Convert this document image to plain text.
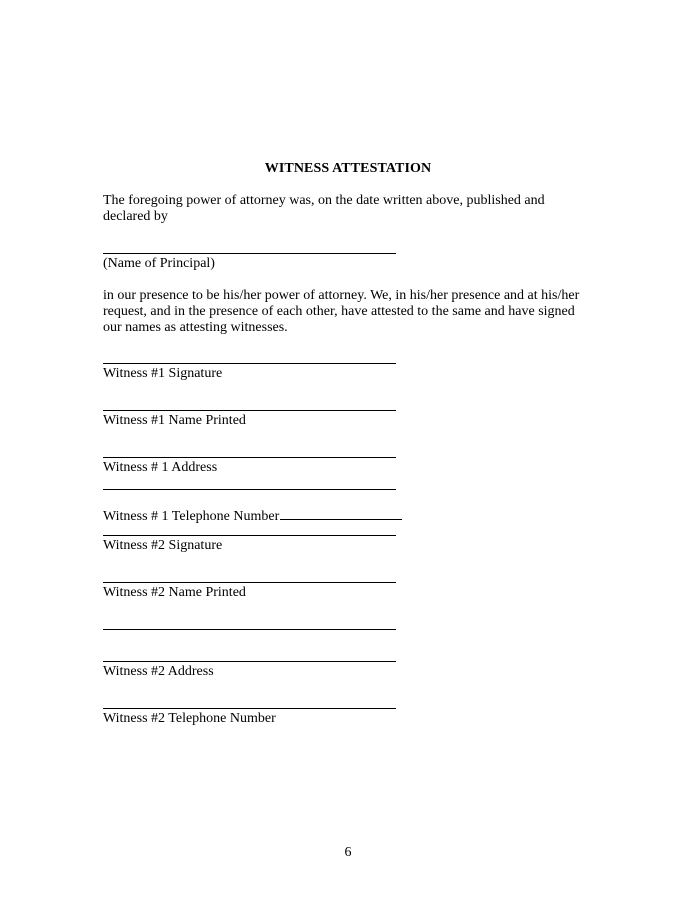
WITNESS ATTESTATION
The foregoing power of attorney was, on the date written above, published and declared by
(Name of Principal)
in our presence to be his/her power of attorney. We, in his/her presence and at his/her request, and in the presence of each other, have attested to the same and have signed our names as attesting witnesses.
Witness #1 Signature
Witness #1 Name Printed
Witness # 1 Address
Witness # 1 Telephone Number
Witness #2 Signature
Witness #2 Name Printed
Witness #2 Address
Witness #2 Telephone Number
6
